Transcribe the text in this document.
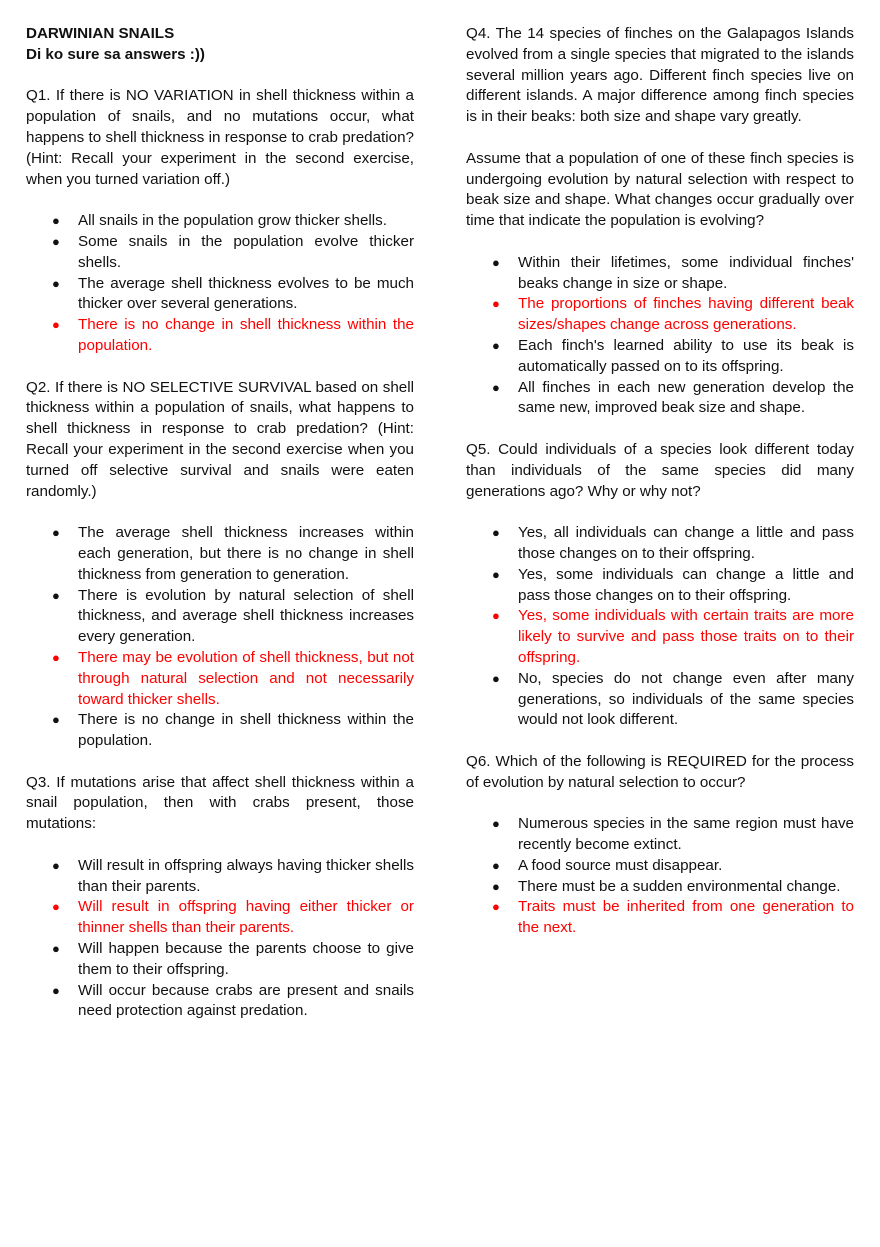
DARWINIAN SNAILS

Di ko sure sa answers :))

Q1. If there is NO VARIATION in shell thickness within a population of snails, and no mutations occur, what happens to shell thickness in response to crab predation? (Hint: Recall your experiment in the second exercise, when you turned variation off.)

●	All snails in the population grow thicker shells.
●	Some snails in the population evolve thicker shells.
●	The average shell thickness evolves to be much thicker over several generations.
●	There is no change in shell thickness within the population.

Q2. If there is NO SELECTIVE SURVIVAL based on shell thickness within a population of snails, what happens to shell thickness in response to crab predation? (Hint: Recall your experiment in the second exercise when you turned off selective survival and snails were eaten randomly.)

●	The average shell thickness increases within each generation, but there is no change in shell thickness from generation to generation.
●	There is evolution by natural selection of shell thickness, and average shell thickness increases every generation.
●	There may be evolution of shell thickness, but not through natural selection and not necessarily toward thicker shells.
●	There is no change in shell thickness within the population.

Q3. If mutations arise that affect shell thickness within a snail population, then with crabs present, those mutations:

●	Will result in offspring always having thicker shells than their parents.
●	Will result in offspring having either thicker or thinner shells than their parents.
●	Will happen because the parents choose to give them to their offspring.
●	Will occur because crabs are present and snails need protection against predation.

Q4. The 14 species of finches on the Galapagos Islands evolved from a single species that migrated to the islands several million years ago. Different finch species live on different islands. A major difference among finch species is in their beaks: both size and shape vary greatly.

Assume that a population of one of these finch species is undergoing evolution by natural selection with respect to beak size and shape. What changes occur gradually over time that indicate the population is evolving?

●	Within their lifetimes, some individual finches' beaks change in size or shape.
●	The proportions of finches having different beak sizes/shapes change across generations.
●	Each finch's learned ability to use its beak is automatically passed on to its offspring.
●	All finches in each new generation develop the same new, improved beak size and shape.

Q5. Could individuals of a species look different today than individuals of the same species did many generations ago? Why or why not?

●	Yes, all individuals can change a little and pass those changes on to their offspring.
●	Yes, some individuals can change a little and pass those changes on to their offspring.
●	Yes, some individuals with certain traits are more likely to survive and pass those traits on to their offspring.
●	No, species do not change even after many generations, so individuals of the same species would not look different.

Q6. Which of the following is REQUIRED for the process of evolution by natural selection to occur?

●	Numerous species in the same region must have recently become extinct.
●	A food source must disappear.
●	There must be a sudden environmental change.
●	Traits must be inherited from one generation to the next.
